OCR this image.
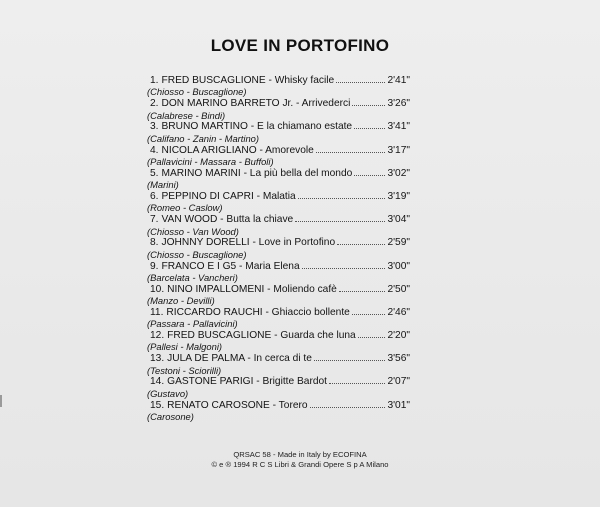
LOVE IN PORTOFINO
1. FRED BUSCAGLIONE - Whisky facile	2'41"
(Chiosso - Buscaglione)
2. DON MARINO BARRETO Jr. - Arrivederci	3'26"
(Calabrese - Bindi)
3. BRUNO MARTINO - E la chiamano estate	3'41"
(Califano - Zanin - Martino)
4. NICOLA ARIGLIANO - Amorevole	3'17"
(Pallavicini - Massara - Buffoli)
5. MARINO MARINI - La più bella del mondo	3'02"
(Marini)
6. PEPPINO DI CAPRI - Malatia	3'19"
(Romeo - Caslow)
7. VAN WOOD - Butta la chiave	3'04"
(Chiosso - Van Wood)
8. JOHNNY DORELLI - Love in Portofino	2'59"
(Chiosso - Buscaglione)
9. FRANCO E I G5 - Maria Elena	3'00"
(Barcelata - Vancheri)
10. NINO IMPALLOMENI - Moliendo cafè	2'50"
(Manzo - Devilli)
11. RICCARDO RAUCHI - Ghiaccio bollente	2'46"
(Passara - Pallavicini)
12. FRED BUSCAGLIONE - Guarda che luna	2'20"
(Pallesi - Malgoni)
13. JULA DE PALMA - In cerca di te	3'56"
(Testoni - Sciorilli)
14. GASTONE PARIGI - Brigitte Bardot	2'07"
(Gustavo)
15. RENATO CAROSONE - Torero	3'01"
(Carosone)
QRSAC 58 - Made in Italy by ECOFINA
© e ® 1994 R C S Libri & Grandi Opere S p A Milano
